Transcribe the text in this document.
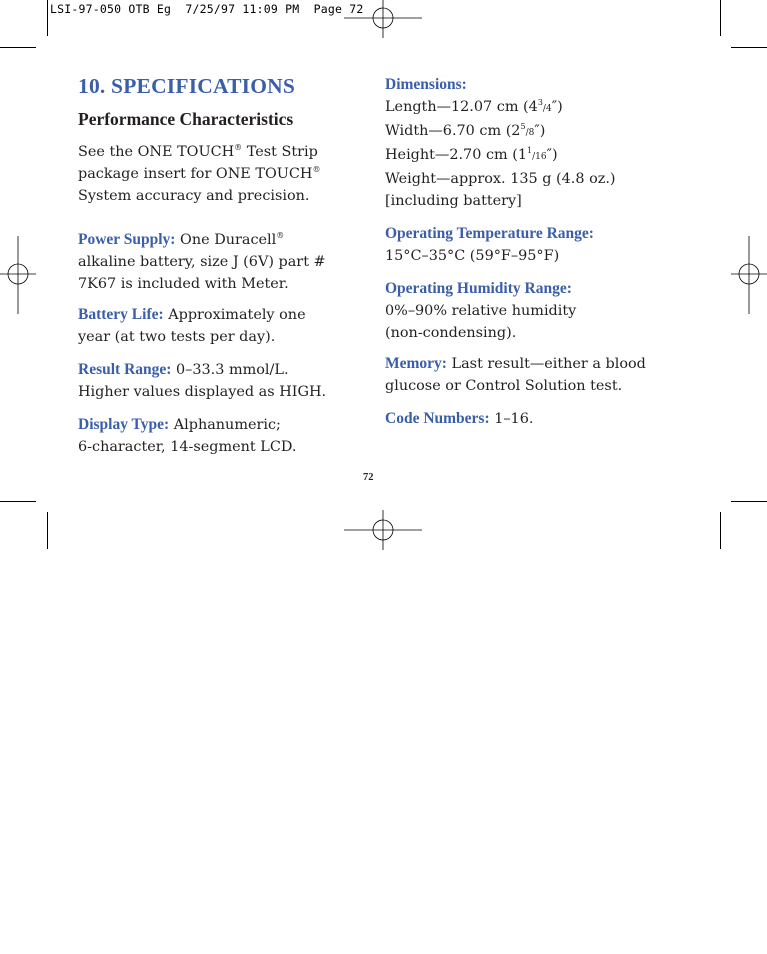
LSI-97-050 OTB Eg  7/25/97 11:09 PM  Page 72
10. SPECIFICATIONS
Performance Characteristics
See the ONE TOUCH® Test Strip
package insert for ONE TOUCH®
System accuracy and precision.
Power Supply: One Duracell®
alkaline battery, size J (6V) part #
7K67 is included with Meter.
Battery Life: Approximately one
year (at two tests per day).
Result Range: 0–33.3 mmol/L.
Higher values displayed as HIGH.
Display Type: Alphanumeric;
6-character, 14-segment LCD.
Dimensions:
Length—12.07 cm $(4^3/4'')$
Width—6.70 cm $(2^5/8'')$
Height—2.70 cm $(1^1/16'')$
Weight—approx. 135 g (4.8 oz.)
[including battery]
Operating Temperature Range:
15°C–35°C (59°F–95°F)
Operating Humidity Range:
0%–90% relative humidity
(non-condensing).
Memory: Last result—either a blood
glucose or Control Solution test.
Code Numbers: 1–16.
72
